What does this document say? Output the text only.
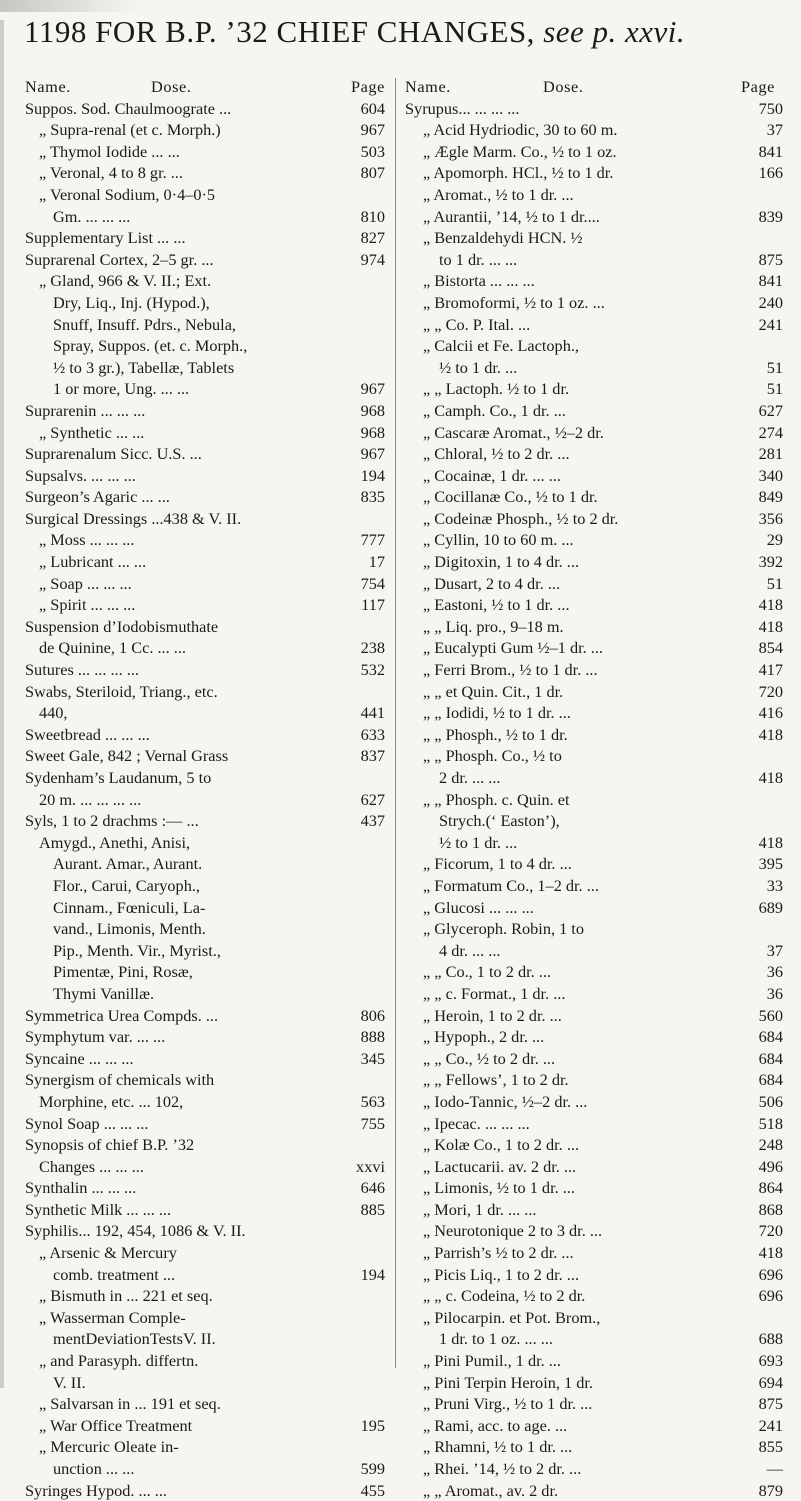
1198 FOR B.P. ’32 CHIEF CHANGES, see p. xxvi.
Name.	Dose.	Page
Suppos. Sod. Chaulmoograte ...	604
„ Supra-renal (et c. Morph.)	967
„ Thymol Iodide ... ...	503
„ Veronal, 4 to 8 gr. ...	807
„ Veronal Sodium, 0·4–0·5
Gm. ... ... ...	810
Supplementary List ... ...	827
Suprarenal Cortex, 2–5 gr. ...	974
„ Gland, 966 & V. II.; Ext.
Dry, Liq., Inj. (Hypod.),
Snuff, Insuff. Pdrs., Nebula,
Spray, Suppos. (et. c. Morph.,
½ to 3 gr.), Tabellæ, Tablets
1 or more, Ung. ... ...	967
Suprarenin ... ... ...	968
„ Synthetic ... ...	968
Suprarenalum Sicc. U.S. ...	967
Supsalvs. ... ... ...	194
Surgeon’s Agaric ... ...	835
Surgical Dressings ...438 & V. II.
„ Moss ... ... ...	777
„ Lubricant ... ...	17
„ Soap ... ... ...	754
„ Spirit ... ... ...	117
Suspension d’Iodobismuthate
de Quinine, 1 Cc. ... ...	238
Sutures ... ... ... ...	532
Swabs, Steriloid, Triang., etc.
440,	441
Sweetbread ... ... ...	633
Sweet Gale, 842 ; Vernal Grass	837
Sydenham’s Laudanum, 5 to
20 m. ... ... ... ...	627
Syls, 1 to 2 drachms :— ...	437
Amygd., Anethi, Anisi,
Aurant. Amar., Aurant.
Flor., Carui, Caryoph.,
Cinnam., Fœniculi, La-
vand., Limonis, Menth.
Pip., Menth. Vir., Myrist.,
Pimentæ, Pini, Rosæ,
Thymi Vanillæ.
Symmetrica Urea Compds. ...	806
Symphytum var. ... ...	888
Syncaine ... ... ...	345
Synergism of chemicals with
Morphine, etc. ... 102,	563
Synol Soap ... ... ...	755
Synopsis of chief B.P. ’32
Changes ... ... ...	xxvi
Synthalin ... ... ...	646
Synthetic Milk ... ... ...	885
Syphilis... 192, 454, 1086 & V. II.
„ Arsenic & Mercury
comb. treatment ...	194
„ Bismuth in ... 221 et seq.
„ Wasserman Comple-
mentDeviationTestsV. II.
„ and Parasyph. differtn.
V. II.
„ Salvarsan in ... 191 et seq.
„ War Office Treatment	195
„ Mercuric Oleate in-
unction ... ...	599
Syringes Hypod. ... ...	455
Name.	Dose.	Page
Syrupus... ... ... ...	750
„ Acid Hydriodic, 30 to 60 m.	37
„ Ægle Marm. Co., ½ to 1 oz.	841
„ Apomorph. HCl., ½ to 1 dr.	166
„ Aromat., ½ to 1 dr. ...
„ Aurantii, ’14, ½ to 1 dr....	839
„ Benzaldehydi HCN. ½
to 1 dr. ... ...	875
„ Bistorta ... ... ...	841
„ Bromoformi, ½ to 1 oz. ...	240
„ „ Co. P. Ital. ...	241
„ Calcii et Fe. Lactoph.,
½ to 1 dr. ...	51
„ „ Lactoph. ½ to 1 dr.	51
„ Camph. Co., 1 dr. ...	627
„ Cascaræ Aromat., ½–2 dr.	274
„ Chloral, ½ to 2 dr. ...	281
„ Cocainæ, 1 dr. ... ...	340
„ Cocillanæ Co., ½ to 1 dr.	849
„ Codeinæ Phosph., ½ to 2 dr.	356
„ Cyllin, 10 to 60 m. ...	29
„ Digitoxin, 1 to 4 dr. ...	392
„ Dusart, 2 to 4 dr. ...	51
„ Eastoni, ½ to 1 dr. ...	418
„ „ Liq. pro., 9–18 m.	418
„ Eucalypti Gum ½–1 dr. ...	854
„ Ferri Brom., ½ to 1 dr. ...	417
„ „ et Quin. Cit., 1 dr.	720
„ „ Iodidi, ½ to 1 dr. ...	416
„ „ Phosph., ½ to 1 dr.	418
„ „ Phosph. Co., ½ to
2 dr. ... ...	418
„ „ Phosph. c. Quin. et
Strych.(‘ Easton’),
½ to 1 dr. ...	418
„ Ficorum, 1 to 4 dr. ...	395
„ Formatum Co., 1–2 dr. ...	33
„ Glucosi ... ... ...	689
„ Glyceroph. Robin, 1 to
4 dr. ... ...	37
„ „ Co., 1 to 2 dr. ...	36
„ „ c. Format., 1 dr. ...	36
„ Heroin, 1 to 2 dr. ...	560
„ Hypoph., 2 dr. ...	684
„ „ Co., ½ to 2 dr. ...	684
„ „ Fellows’, 1 to 2 dr.	684
„ Iodo-Tannic, ½–2 dr. ...	506
„ Ipecac. ... ... ...	518
„ Kolæ Co., 1 to 2 dr. ...	248
„ Lactucarii. av. 2 dr. ...	496
„ Limonis, ½ to 1 dr. ...	864
„ Mori, 1 dr. ... ...	868
„ Neurotonique 2 to 3 dr. ...	720
„ Parrish’s ½ to 2 dr. ...	418
„ Picis Liq., 1 to 2 dr. ...	696
„ „ c. Codeina, ½ to 2 dr.	696
„ Pilocarpin. et Pot. Brom.,
1 dr. to 1 oz. ... ...	688
„ Pini Pumil., 1 dr. ...	693
„ Pini Terpin Heroin, 1 dr.	694
„ Pruni Virg., ½ to 1 dr. ...	875
„ Rami, acc. to age. ...	241
„ Rhamni, ½ to 1 dr. ...	855
„ Rhei. ’14, ½ to 2 dr. ...	—
„ „ Aromat., av. 2 dr.	879
